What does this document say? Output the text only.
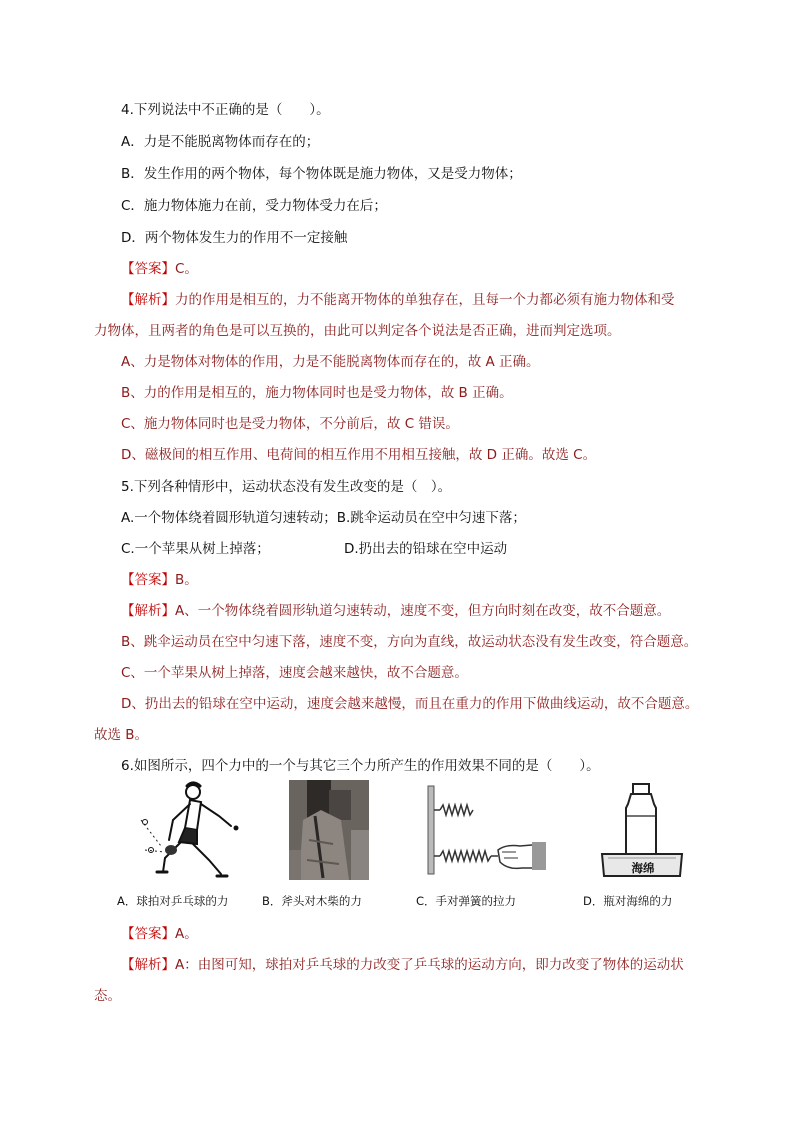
4.下列说法中不正确的是（　　）。
A．力是不能脱离物体而存在的；
B．发生作用的两个物体，每个物体既是施力物体，又是受力物体；
C．施力物体施力在前，受力物体受力在后；
D．两个物体发生力的作用不一定接触
【答案】C。
【解析】力的作用是相互的，力不能离开物体的单独存在，且每一个力都必须有施力物体和受
力物体，且两者的角色是可以互换的，由此可以判定各个说法是否正确，进而判定选项。
A、力是物体对物体的作用，力是不能脱离物体而存在的，故 A 正确。
B、力的作用是相互的，施力物体同时也是受力物体，故 B 正确。
C、施力物体同时也是受力物体，不分前后，故 C 错误。
D、磁极间的相互作用、电荷间的相互作用不用相互接触，故 D 正确。故选 C。
5.下列各种情形中，运动状态没有发生改变的是（　）。
A.一个物体绕着圆形轨道匀速转动；B.跳伞运动员在空中匀速下落；
C.一个苹果从树上掉落；	D.扔出去的铅球在空中运动
【答案】B。
【解析】A、一个物体绕着圆形轨道匀速转动，速度不变，但方向时刻在改变，故不合题意。
B、跳伞运动员在空中匀速下落，速度不变，方向为直线，故运动状态没有发生改变，符合题意。
C、一个苹果从树上掉落，速度会越来越快，故不合题意。
D、扔出去的铅球在空中运动，速度会越来越慢，而且在重力的作用下做曲线运动，故不合题意。
故选 B。
6.如图所示，四个力中的一个与其它三个力所产生的作用效果不同的是（　　）。
A．球拍对乒乓球的力	B．斧头对木柴的力	C．手对弹簧的拉力
海绵
D．瓶对海绵的力
【答案】A。
【解析】A：由图可知，球拍对乒乓球的力改变了乒乓球的运动方向，即力改变了物体的运动状
态。
